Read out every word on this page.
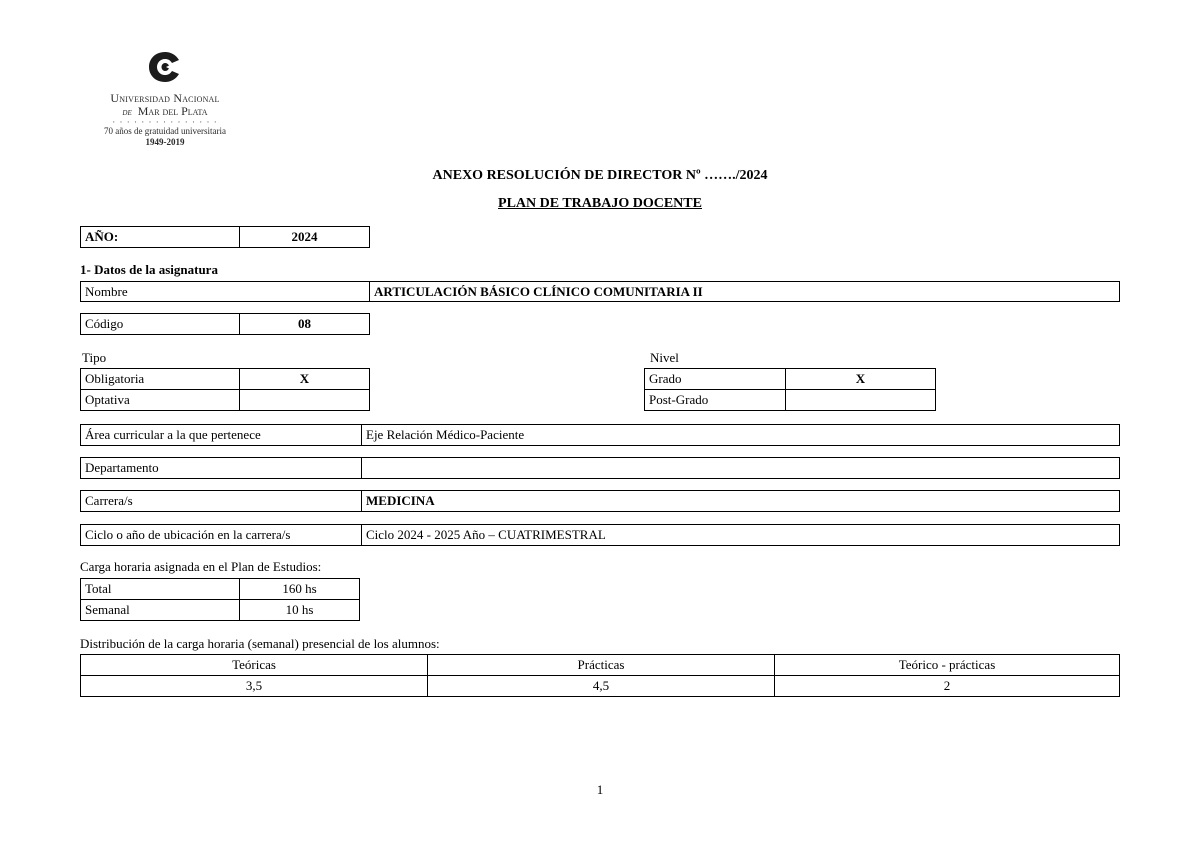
Universidad Nacional
de Mar del Plata
· · · · · · · · · · · · · · ·
70 años de gratuidad universitaria
1949-2019
ANEXO RESOLUCIÓN DE DIRECTOR Nº ……./2024
PLAN DE TRABAJO DOCENTE
AÑO:	2024
1- Datos de la asignatura
Nombre	ARTICULACIÓN BÁSICO CLÍNICO COMUNITARIA II
Código	08
Tipo
Obligatoria	X
Optativa
Nivel
Grado	X
Post-Grado
Área curricular a la que pertenece	Eje Relación Médico-Paciente
Departamento
Carrera/s	MEDICINA
Ciclo o año de ubicación en la carrera/s	Ciclo 2024 - 2025 Año – CUATRIMESTRAL
Carga horaria asignada en el Plan de Estudios:
Total	160 hs
Semanal	10 hs
Distribución de la carga horaria (semanal) presencial de los alumnos:
Teóricas	Prácticas	Teórico - prácticas
3,5	4,5	2
1
